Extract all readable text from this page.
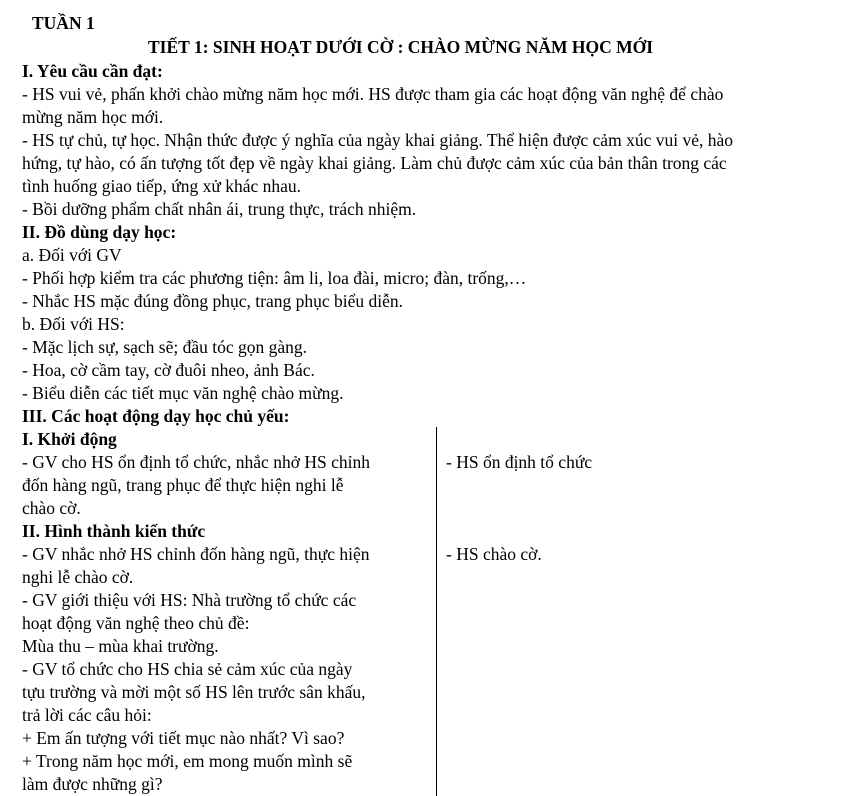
TUẦN 1
TIẾT 1: SINH HOẠT DƯỚI CỜ : CHÀO MỪNG NĂM HỌC MỚI
I. Yêu cầu cần đạt:
- HS vui vẻ, phấn khởi chào mừng năm học mới. HS được tham gia các hoạt động văn nghệ để chào
mừng năm học mới.
- HS tự chủ, tự học. Nhận thức được ý nghĩa của ngày khai giảng. Thể hiện được cảm xúc vui vẻ, hào
hứng, tự hào, có ấn tượng tốt đẹp về ngày khai giảng. Làm chủ được cảm xúc của bản thân trong các
tình huống giao tiếp, ứng xử khác nhau.
- Bồi dưỡng phẩm chất nhân ái, trung thực, trách nhiệm.
II. Đồ dùng dạy học:
a. Đối với GV
- Phối hợp kiểm tra các phương tiện: âm li, loa đài, micro; đàn, trống,…
- Nhắc HS mặc đúng đồng phục, trang phục biểu diễn.
b. Đối với HS:
- Mặc lịch sự, sạch sẽ; đầu tóc gọn gàng.
- Hoa, cờ cầm tay, cờ đuôi nheo, ảnh Bác.
- Biểu diễn các tiết mục văn nghệ chào mừng.
III. Các hoạt động dạy học chủ yếu:
I. Khởi động
- GV cho HS ổn định tổ chức, nhắc nhở HS chỉnh
đốn hàng ngũ, trang phục để thực hiện nghi lễ
chào cờ.
- HS ổn định tổ chức
II. Hình thành kiến thức
- GV nhắc nhở HS chỉnh đốn hàng ngũ, thực hiện
nghi lễ chào cờ.
- GV giới thiệu với HS: Nhà trường tổ chức các
hoạt động văn nghệ theo chủ đề:
Mùa thu – mùa khai trường.
- GV tổ chức cho HS chia sẻ cảm xúc của ngày
tựu trường và mời một số HS lên trước sân khấu,
trả lời các câu hỏi:
+ Em ấn tượng với tiết mục nào nhất? Vì sao?
+ Trong năm học mới, em mong muốn mình sẽ
làm được những gì?
- HS chào cờ.
